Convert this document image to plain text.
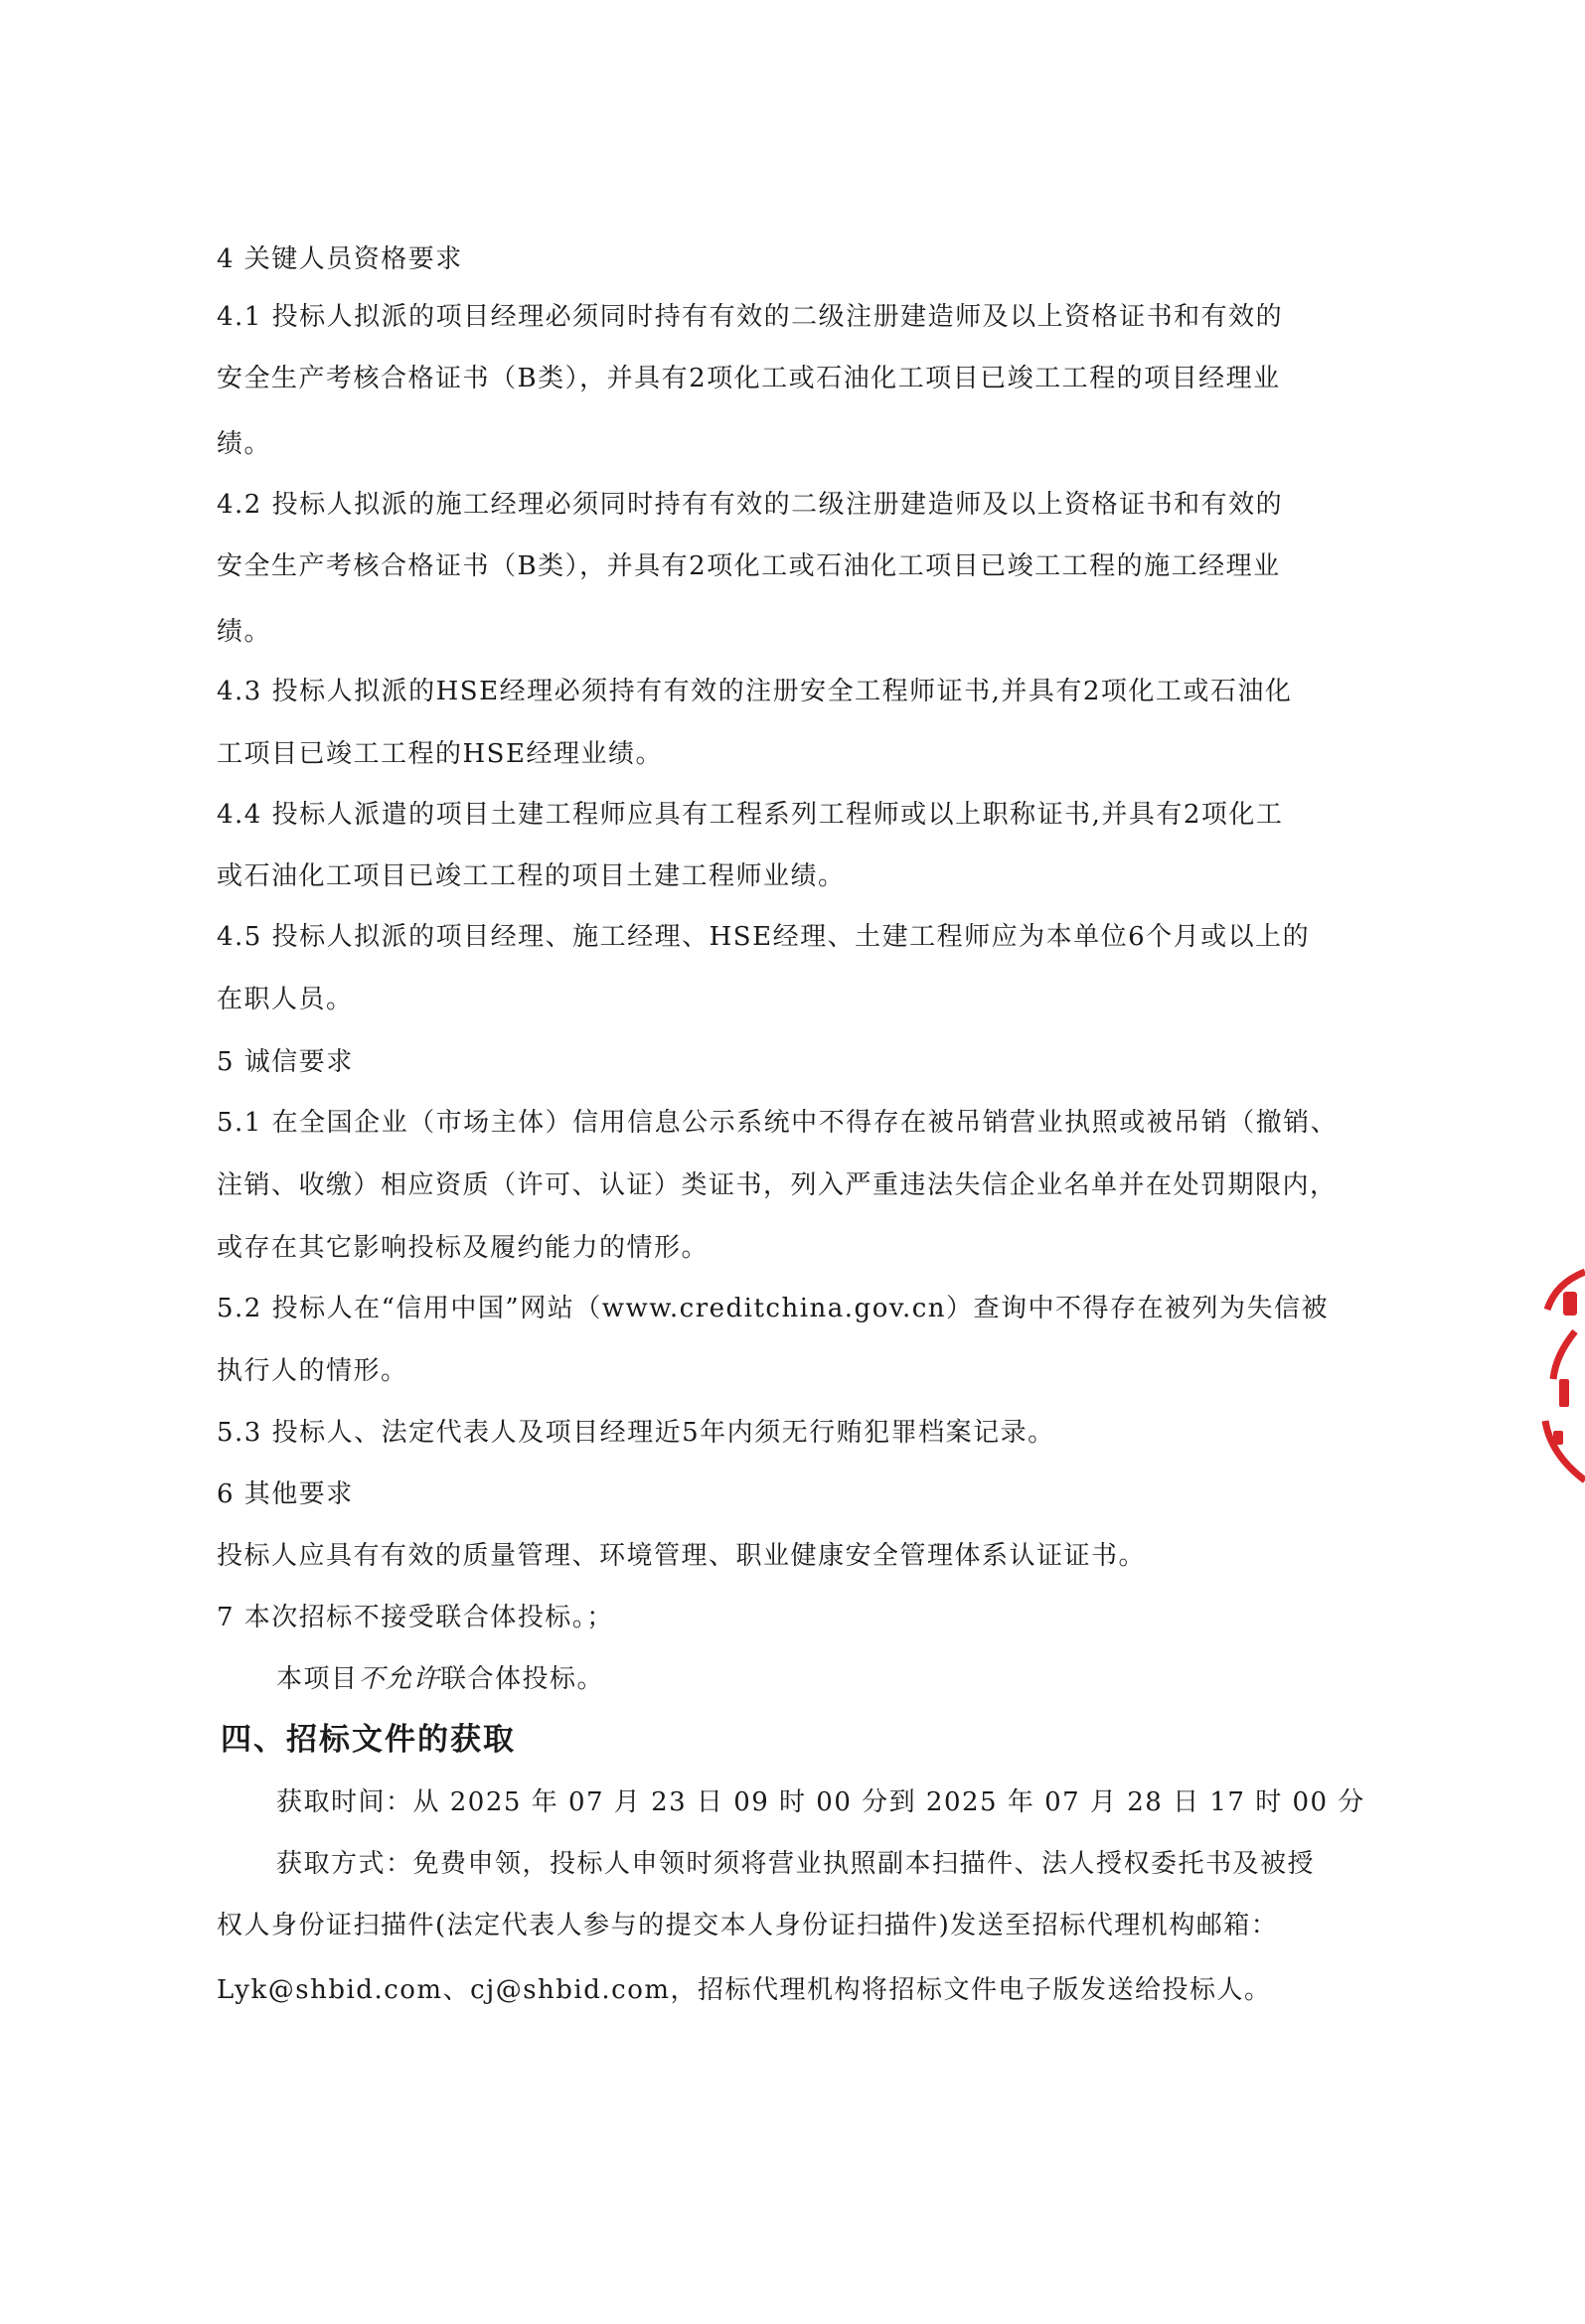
4 关键人员资格要求
4.1 投标人拟派的项目经理必须同时持有有效的二级注册建造师及以上资格证书和有效的
安全生产考核合格证书（B类），并具有2项化工或石油化工项目已竣工工程的项目经理业
绩。
4.2 投标人拟派的施工经理必须同时持有有效的二级注册建造师及以上资格证书和有效的
安全生产考核合格证书（B类），并具有2项化工或石油化工项目已竣工工程的施工经理业
绩。
4.3 投标人拟派的HSE经理必须持有有效的注册安全工程师证书,并具有2项化工或石油化
工项目已竣工工程的HSE经理业绩。
4.4 投标人派遣的项目土建工程师应具有工程系列工程师或以上职称证书,并具有2项化工
或石油化工项目已竣工工程的项目土建工程师业绩。
4.5 投标人拟派的项目经理、施工经理、HSE经理、土建工程师应为本单位6个月或以上的
在职人员。
5 诚信要求
5.1 在全国企业（市场主体）信用信息公示系统中不得存在被吊销营业执照或被吊销（撤销、
注销、收缴）相应资质（许可、认证）类证书，列入严重违法失信企业名单并在处罚期限内，
或存在其它影响投标及履约能力的情形。
5.2 投标人在“信用中国”网站（www.creditchina.gov.cn）查询中不得存在被列为失信被
执行人的情形。
5.3 投标人、法定代表人及项目经理近5年内须无行贿犯罪档案记录。
6 其他要求
投标人应具有有效的质量管理、环境管理、职业健康安全管理体系认证证书。
7 本次招标不接受联合体投标。；
本项目不允许联合体投标。
四、招标文件的获取
获取时间：从 2025 年 07 月 23 日 09 时 00 分到 2025 年 07 月 28 日 17 时 00 分
获取方式：免费申领，投标人申领时须将营业执照副本扫描件、法人授权委托书及被授
权人身份证扫描件(法定代表人参与的提交本人身份证扫描件)发送至招标代理机构邮箱：
Lyk@shbid.com、cj@shbid.com，招标代理机构将招标文件电子版发送给投标人。
